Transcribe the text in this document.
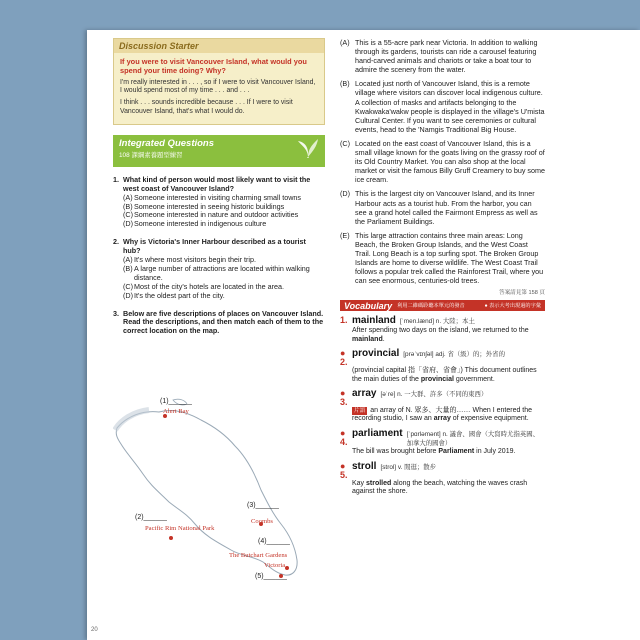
Discussion Starter
If you were to visit Vancouver Island, what would you spend your time doing? Why?
I'm really interested in . . . , so if I were to visit Vancouver Island, I would spend most of my time . . . and . . .
I think . . . sounds incredible because . . . If I were to visit Vancouver Island, that's what I would do.
Integrated Questions
108 課綱素養題型練習
1. What kind of person would most likely want to visit the west coast of Vancouver Island?
(A) Someone interested in visiting charming small towns
(B) Someone interested in seeing historic buildings
(C) Someone interested in nature and outdoor activities
(D) Someone interested in indigenous culture
2. Why is Victoria's Inner Harbour described as a tourist hub?
(A) It's where most visitors begin their trip.
(B) A large number of attractions are located within walking distance.
(C) Most of the city's hotels are located in the area.
(D) It's the oldest part of the city.
3. Below are five descriptions of places on Vancouver Island. Read the descriptions, and then match each of them to the correct location on the map.
(1)______
Alert Bay
(2)______
Pacific Rim National Park
(3)______
Coombs
(4)______
The Butchart Gardens
Victoria
(5)______
(A) This is a 55-acre park near Victoria. In addition to walking through its gardens, tourists can ride a carousel featuring hand-carved animals and chariots or take a boat tour to admire the scenery from the water.
(B) Located just north of Vancouver Island, this is a remote village where visitors can discover local indigenous culture. A collection of masks and artifacts belonging to the Kwakwaka'wakw people is displayed in the village's U'mista Cultural Center. If you want to see ceremonies or cultural events, head to the 'Namgis Traditional Big House.
(C) Located on the east coast of Vancouver Island, this is a small village known for the goats living on the grassy roof of its Old Country Market. You can also shop at the local market or visit the famous Billy Gruff Creamery to buy some ice cream.
(D) This is the largest city on Vancouver Island, and its Inner Harbour acts as a tourist hub. From the harbor, you can see a grand hotel called the Fairmont Empress as well as the Parliament Buildings.
(E) This large attraction contains three main areas: Long Beach, the Broken Group Islands, and the West Coast Trail. Long Beach is a top surfing spot. The Broken Group Islands are home to diverse wildlife. The West Coast Trail follows a popular trek called the Rainforest Trail, where you can see enormous, centuries-old trees.
答案請見第 158 頁
Vocabulary 利用二維碼聆聽本單元的發音	● 表示大考出現過的字彙
1. mainland [ˈmen.lænd] n. 大陸；本土
After spending two days on the island, we returned to the mainland.
● 2.
provincial [prəˈvɪnʃəl] adj. 省（級）的；外省的
(provincial capital 指「省府、省會」) This document outlines the main duties of the provincial government.
● 3.
array [əˈre] n. 一大群、許多（不同的東西）
片語 an array of N. 眾多、大量的…… When I entered the recording studio, I saw an array of expensive equipment.
● 4.
parliament [ˈpɑrləmənt] n. 議會、國會（大寫時尤指英國、加拿大的國會）
The bill was brought before Parliament in July 2019.
● 5.
stroll [strol] v. 閒逛；散步
Kay strolled along the beach, watching the waves crash against the shore.
20
